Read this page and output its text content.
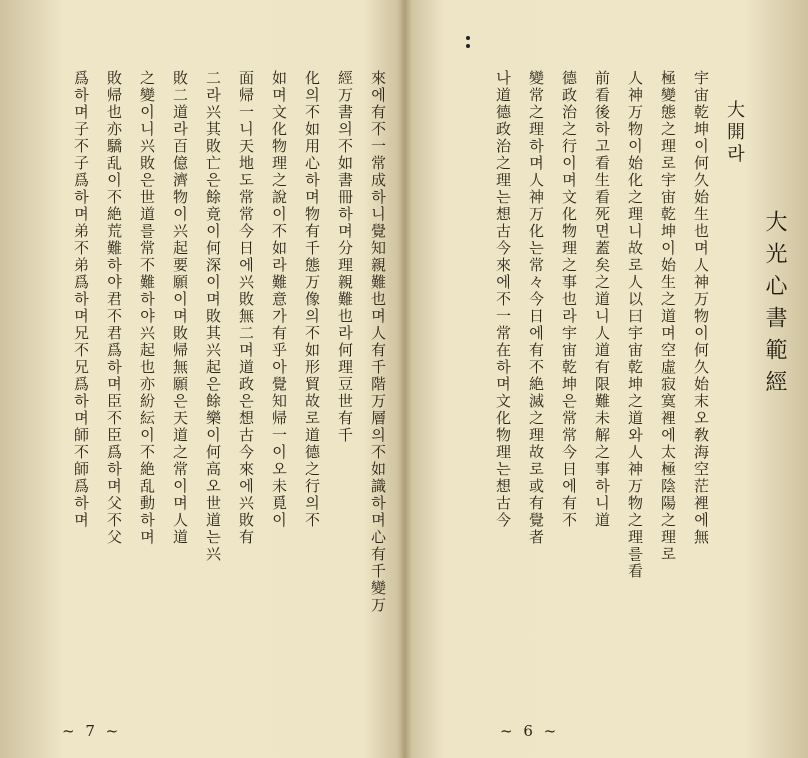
大光心書範經
大開라
宇宙乾坤이何久始生也며人神万物이何久始末오敎海空茫裡에無
極變態之理로宇宙乾坤이始生之道며空虛寂寞裡에太極陰陽之理로
人神万物이始化之理니故로人以曰宇宙乾坤之道와人神万物之理를看
前看後하고看生看死면蓋矣之道니人道有限難未解之事하니道
德政治之行이며文化物理之事也라宇宙乾坤은常常今日에有不
變常之理하며人神万化는常々今日에有不絶滅之理故로或有覺者
나道德政治之理는想古今來에不一常在하며文化物理는想古今
~ 6 ~
來에有不一常成하니覺知親難也며人有千階万層의不如識하며心有千變万
經万書의不如書冊하며分理親難也라何理豆世有千
化의不如用心하며物有千態万像의不如形貿故로道德之行의不
如며文化物理之說이不如라難意가有乎아覺知帰一이오未覓이
面帰一니天地도常常今日에兴敗無二며道政은想古今來에兴敗有
二라兴其敗亡은餘竟이何深이며敗其兴起은餘樂이何高오世道는兴
敗二道라百億濟物이兴起要願이며敗帰無願은天道之常이며人道
之變이니兴敗은世道를常不難하야兴起也亦紛紜이不絶乱動하며
敗帰也亦驕乱이不絶荒難하야君不君爲하며臣不臣爲하며父不父
爲하며子不子爲하며弟不弟爲하며兄不兄爲하며師不師爲하며
~ 7 ~
